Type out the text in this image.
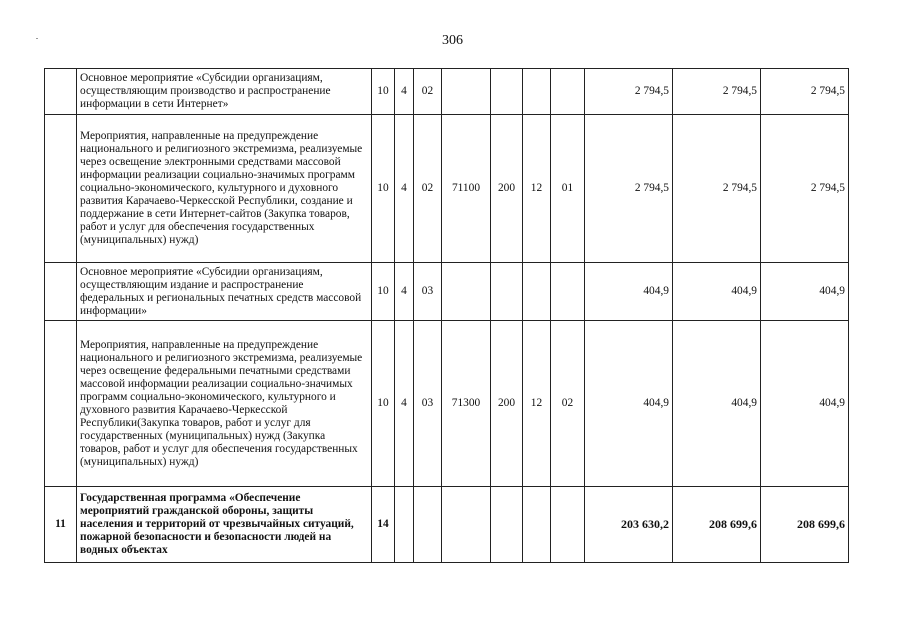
306
	Основное мероприятие «Субсидии организациям, осуществляющим производство и распространение информации в сети Интернет»	10	4	02					2 794,5	2 794,5	2 794,5
	Мероприятия, направленные на предупреждение национального и религиозного экстремизма, реализуемые через освещение электронными средствами массовой информации реализации социально-значимых программ социально-экономического, культурного и духовного развития Карачаево-Черкесской Республики, создание и поддержание в сети Интернет-сайтов (Закупка товаров, работ и услуг для обеспечения государственных (муниципальных) нужд)	10	4	02	71100	200	12	01	2 794,5	2 794,5	2 794,5
	Основное мероприятие «Субсидии организациям, осуществляющим издание и распространение федеральных и региональных печатных средств массовой информации»	10	4	03					404,9	404,9	404,9
	Мероприятия, направленные на предупреждение национального и религиозного экстремизма, реализуемые через освещение федеральными печатными средствами массовой информации реализации социально-значимых программ социально-экономического, культурного и духовного развития Карачаево-Черкесской Республики(Закупка товаров, работ и услуг для государственных (муниципальных) нужд (Закупка товаров, работ и услуг для обеспечения государственных (муниципальных) нужд)	10	4	03	71300	200	12	02	404,9	404,9	404,9
11	Государственная программа «Обеспечение мероприятий гражданской обороны, защиты населения и территорий от чрезвычайных ситуаций, пожарной безопасности и безопасности людей на водных объектах	14							203 630,2	208 699,6	208 699,6
